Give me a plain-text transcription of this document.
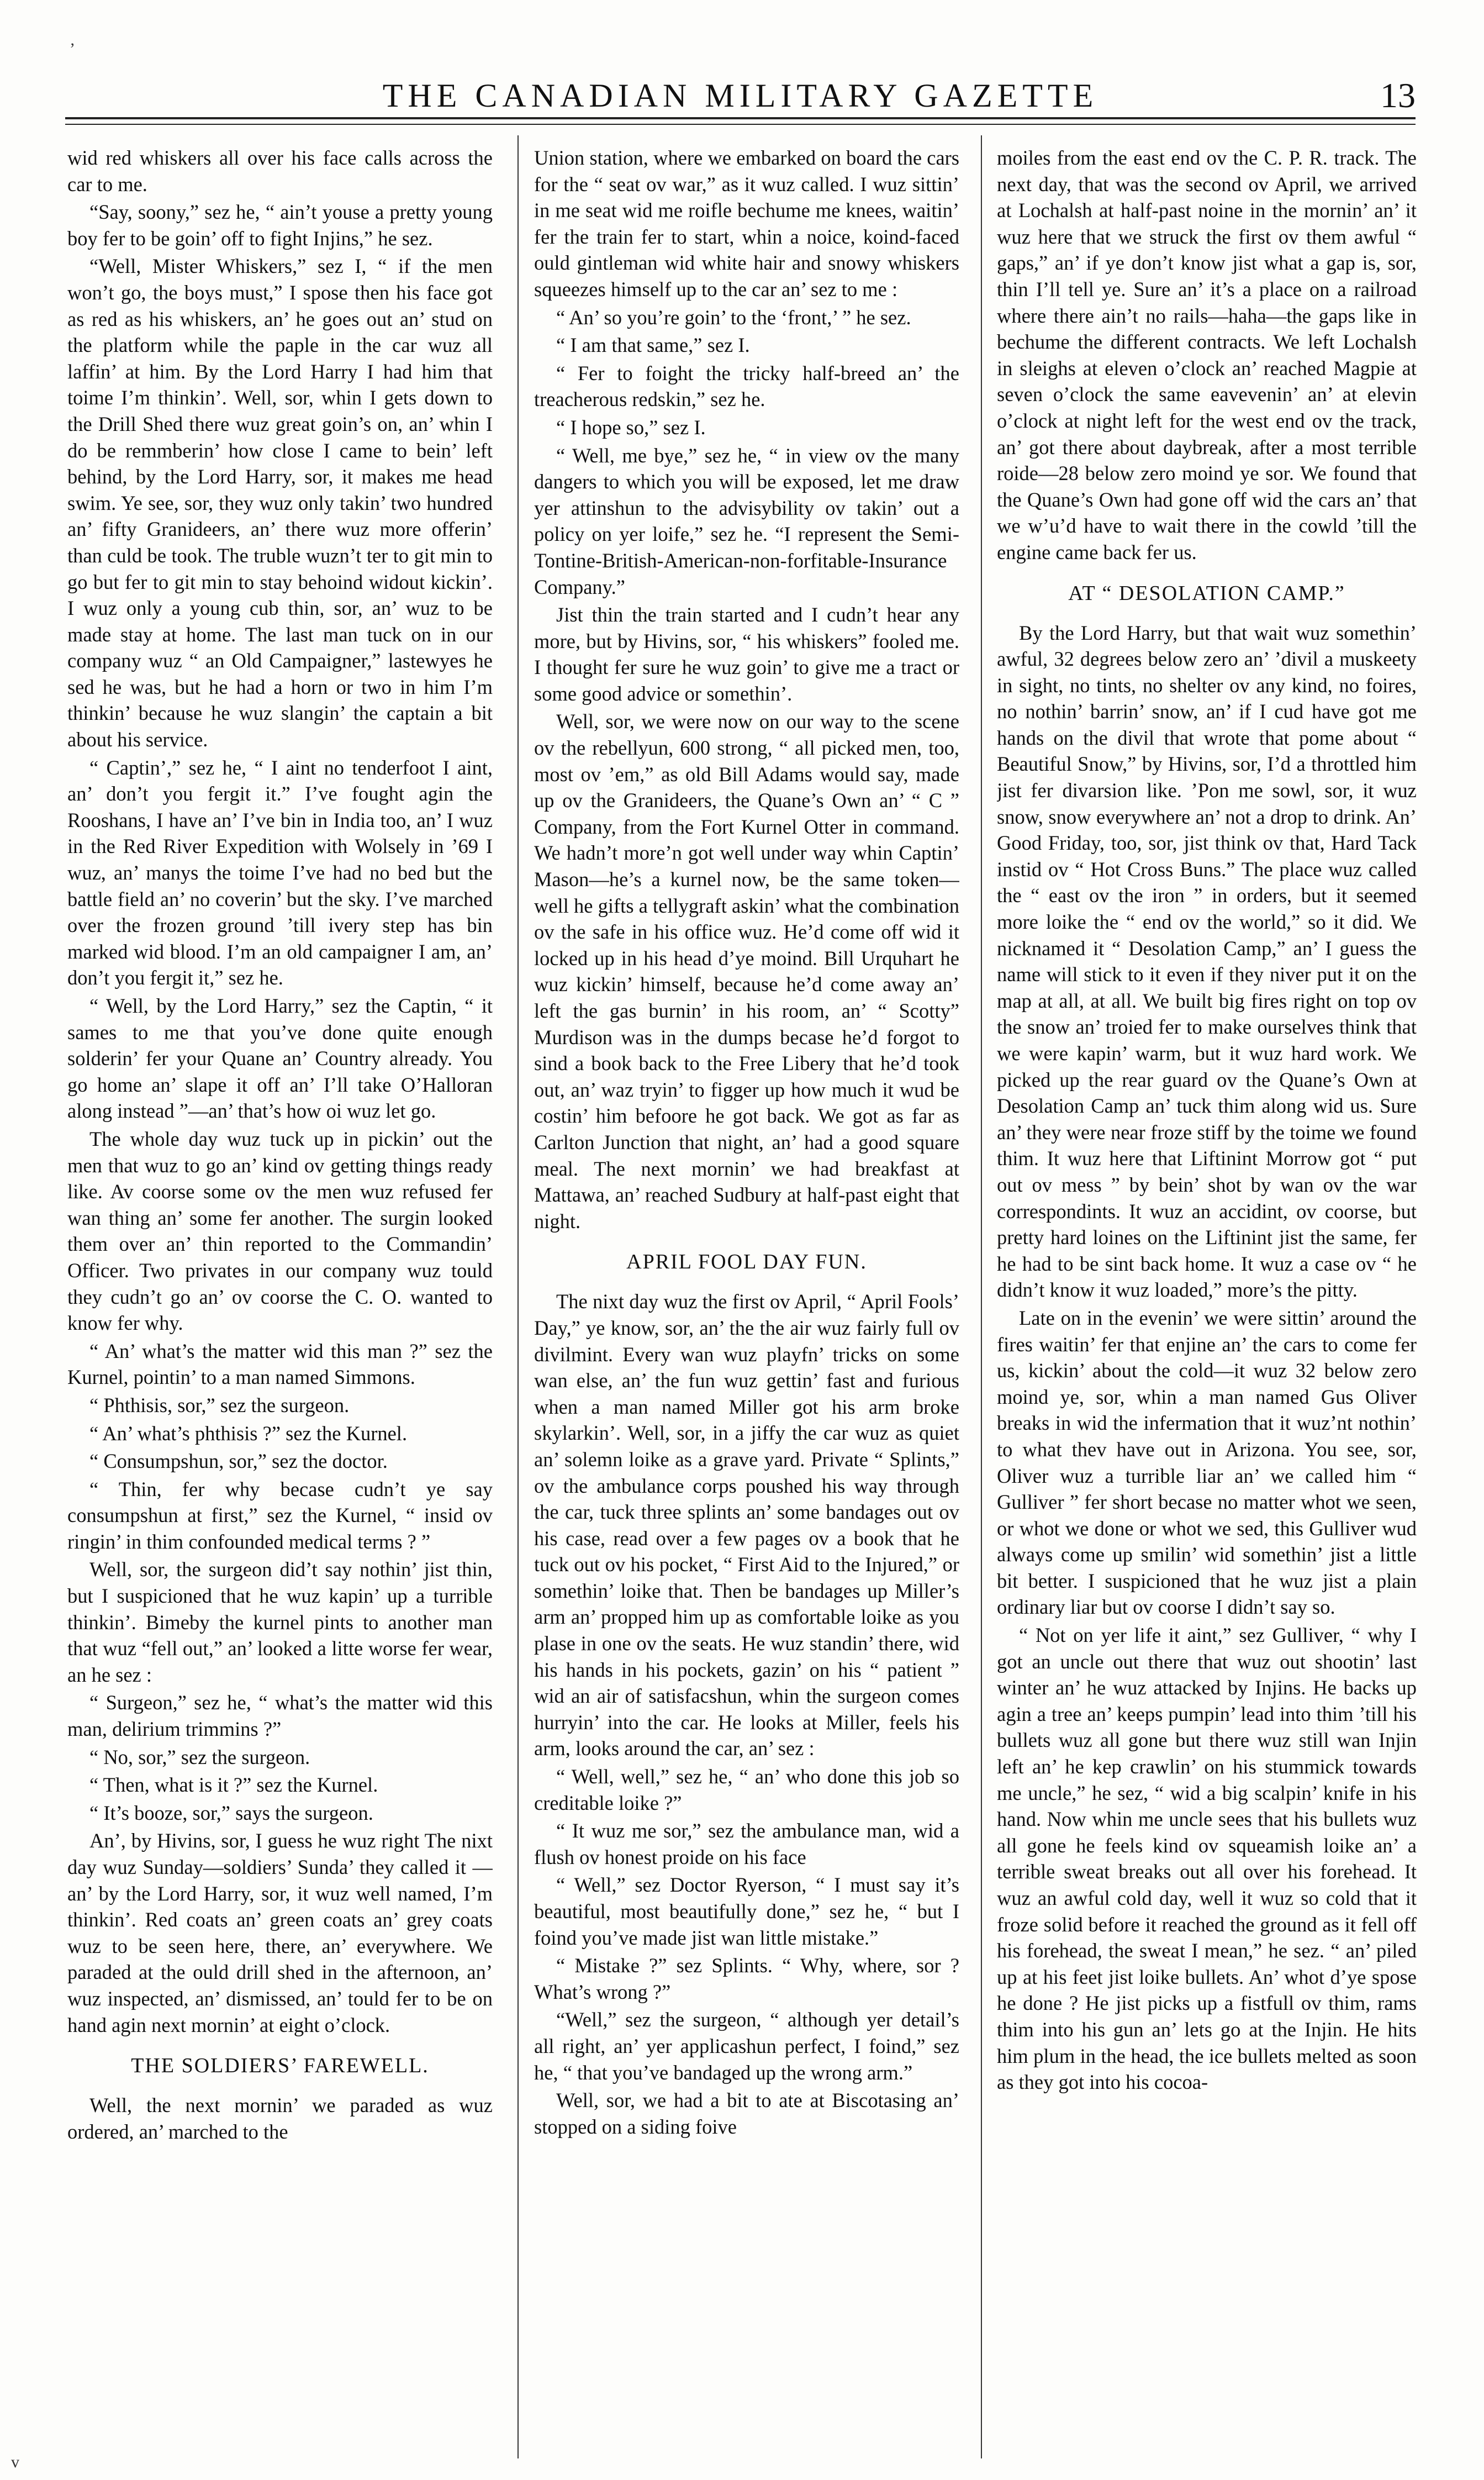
THE CANADIAN MILITARY GAZETTE	13

wid red whiskers all over his face calls across the car to me.

“Say, soony,” sez he, “ ain’t youse a pretty young boy fer to be goin’ off to fight Injins,” he sez.

“Well, Mister Whiskers,” sez I, “ if the men won’t go, the boys must,” I spose then his face got as red as his whiskers, an’ he goes out an’ stud on the platform while the paple in the car wuz all laffin’ at him. By the Lord Harry I had him that toime I’m thinkin’. Well, sor, whin I gets down to the Drill Shed there wuz great goin’s on, an’ whin I do be remmberin’ how close I came to bein’ left behind, by the Lord Harry, sor, it makes me head swim. Ye see, sor, they wuz only takin’ two hundred an’ fifty Granideers, an’ there wuz more offerin’ than culd be took. The truble wuzn’t ter to git min to go but fer to git min to stay behoind widout kickin’. I wuz only a young cub thin, sor, an’ wuz to be made stay at home. The last man tuck on in our company wuz “ an Old Campaigner,” lastewyes he sed he was, but he had a horn or two in him I’m thinkin’ because he wuz slangin’ the captain a bit about his service.

“ Captin’,” sez he, “ I aint no tenderfoot I aint, an’ don’t you fergit it.” I’ve fought agin the Rooshans, I have an’ I’ve bin in India too, an’ I wuz in the Red River Expedition with Wolsely in ’69 I wuz, an’ manys the toime I’ve had no bed but the battle field an’ no coverin’ but the sky. I’ve marched over the frozen ground ’till ivery step has bin marked wid blood. I’m an old campaigner I am, an’ don’t you fergit it,” sez he.

“ Well, by the Lord Harry,” sez the Captin, “ it sames to me that you’ve done quite enough solderin’ fer your Quane an’ Country already. You go home an’ slape it off an’ I’ll take O’Halloran along instead ”—an’ that’s how oi wuz let go.

The whole day wuz tuck up in pickin’ out the men that wuz to go an’ kind ov getting things ready like. Av coorse some ov the men wuz refused fer wan thing an’ some fer another. The surgin looked them over an’ thin reported to the Commandin’ Officer. Two privates in our company wuz tould they cudn’t go an’ ov coorse the C. O. wanted to know fer why.

“ An’ what’s the matter wid this man ?” sez the Kurnel, pointin’ to a man named Simmons.

“ Phthisis, sor,” sez the surgeon.

“ An’ what’s phthisis ?” sez the Kurnel.

“ Consumpshun, sor,” sez the doctor.

“ Thin, fer why becase cudn’t ye say consumpshun at first,” sez the Kurnel, “ insid ov ringin’ in thim confounded medical terms ? ”

Well, sor, the surgeon did’t say nothin’ jist thin, but I suspicioned that he wuz kapin’ up a turrible thinkin’. Bimeby the kurnel pints to another man that wuz “fell out,” an’ looked a litte worse fer wear, an he sez :

“ Surgeon,” sez he, “ what’s the matter wid this man, delirium trimmins ?”

“ No, sor,” sez the surgeon.

“ Then, what is it ?” sez the Kurnel.

“ It’s booze, sor,” says the surgeon.

An’, by Hivins, sor, I guess he wuz right The nixt day wuz Sunday—soldiers’ Sunda’ they called it —an’ by the Lord Harry, sor, it wuz well named, I’m thinkin’. Red coats an’ green coats an’ grey coats wuz to be seen here, there, an’ everywhere. We paraded at the ould drill shed in the afternoon, an’ wuz inspected, an’ dismissed, an’ tould fer to be on hand agin next mornin’ at eight o’clock.

THE SOLDIERS’ FAREWELL.

Well, the next mornin’ we paraded as wuz ordered, an’ marched to the

Union station, where we embarked on board the cars for the “ seat ov war,” as it wuz called. I wuz sittin’ in me seat wid me roifle bechume me knees, waitin’ fer the train fer to start, whin a noice, koind-faced ould gintleman wid white hair and snowy whiskers squeezes himself up to the car an’ sez to me :

“ An’ so you’re goin’ to the ‘front,’ ” he sez.

“ I am that same,” sez I.

“ Fer to foight the tricky half-breed an’ the treacherous redskin,” sez he.

“ I hope so,” sez I.

“ Well, me bye,” sez he, “ in view ov the many dangers to which you will be exposed, let me draw yer attinshun to the advisybility ov takin’ out a policy on yer loife,” sez he. “I represent the Semi-Tontine-British-American-non-forfitable-Insurance Company.”

Jist thin the train started and I cudn’t hear any more, but by Hivins, sor, “ his whiskers” fooled me. I thought fer sure he wuz goin’ to give me a tract or some good advice or somethin’.

Well, sor, we were now on our way to the scene ov the rebellyun, 600 strong, “ all picked men, too, most ov ’em,” as old Bill Adams would say, made up ov the Granideers, the Quane’s Own an’ “ C ” Company, from the Fort Kurnel Otter in command. We hadn’t more’n got well under way whin Captin’ Mason—he’s a kurnel now, be the same token—well he gifts a tellygraft askin’ what the combination ov the safe in his office wuz. He’d come off wid it locked up in his head d’ye moind. Bill Urquhart he wuz kickin’ himself, because he’d come away an’ left the gas burnin’ in his room, an’ “ Scotty” Murdison was in the dumps becase he’d forgot to sind a book back to the Free Libery that he’d took out, an’ waz tryin’ to figger up how much it wud be costin’ him befoore he got back. We got as far as Carlton Junction that night, an’ had a good square meal. The next mornin’ we had breakfast at Mattawa, an’ reached Sudbury at half-past eight that night.

APRIL FOOL DAY FUN.

The nixt day wuz the first ov April, “ April Fools’ Day,” ye know, sor, an’ the the air wuz fairly full ov divilmint. Every wan wuz playfn’ tricks on some wan else, an’ the fun wuz gettin’ fast and furious when a man named Miller got his arm broke skylarkin’. Well, sor, in a jiffy the car wuz as quiet an’ solemn loike as a grave yard. Private “ Splints,” ov the ambulance corps poushed his way through the car, tuck three splints an’ some bandages out ov his case, read over a few pages ov a book that he tuck out ov his pocket, “ First Aid to the Injured,” or somethin’ loike that. Then be bandages up Miller’s arm an’ propped him up as comfortable loike as you plase in one ov the seats. He wuz standin’ there, wid his hands in his pockets, gazin’ on his “ patient ” wid an air of satisfacshun, whin the surgeon comes hurryin’ into the car. He looks at Miller, feels his arm, looks around the car, an’ sez :

“ Well, well,” sez he, “ an’ who done this job so creditable loike ?”

“ It wuz me sor,” sez the ambulance man, wid a flush ov honest proide on his face

“ Well,” sez Doctor Ryerson, “ I must say it’s beautiful, most beautifully done,” sez he, “ but I foind you’ve made jist wan little mistake.”

“ Mistake ?” sez Splints. “ Why, where, sor ? What’s wrong ?”

“Well,” sez the surgeon, “ although yer detail’s all right, an’ yer applicashun perfect, I foind,” sez he, “ that you’ve bandaged up the wrong arm.”

Well, sor, we had a bit to ate at Biscotasing an’ stopped on a siding foive

moiles from the east end ov the C. P. R. track. The next day, that was the second ov April, we arrived at Lochalsh at half-past noine in the mornin’ an’ it wuz here that we struck the first ov them awful “ gaps,” an’ if ye don’t know jist what a gap is, sor, thin I’ll tell ye. Sure an’ it’s a place on a railroad where there ain’t no rails—haha—the gaps like in bechume the different contracts. We left Lochalsh in sleighs at eleven o’clock an’ reached Magpie at seven o’clock the same eavevenin’ an’ at elevin o’clock at night left for the west end ov the track, an’ got there about daybreak, after a most terrible roide—28 below zero moind ye sor. We found that the Quane’s Own had gone off wid the cars an’ that we w’u’d have to wait there in the cowld ’till the engine came back fer us.

AT “ DESOLATION CAMP.”

By the Lord Harry, but that wait wuz somethin’ awful, 32 degrees below zero an’ ’divil a muskeety in sight, no tints, no shelter ov any kind, no foires, no nothin’ barrin’ snow, an’ if I cud have got me hands on the divil that wrote that pome about “ Beautiful Snow,” by Hivins, sor, I’d a throttled him jist fer divarsion like. ’Pon me sowl, sor, it wuz snow, snow everywhere an’ not a drop to drink. An’ Good Friday, too, sor, jist think ov that, Hard Tack instid ov “ Hot Cross Buns.” The place wuz called the “ east ov the iron ” in orders, but it seemed more loike the “ end ov the world,” so it did. We nicknamed it “ Desolation Camp,” an’ I guess the name will stick to it even if they niver put it on the map at all, at all. We built big fires right on top ov the snow an’ troied fer to make ourselves think that we were kapin’ warm, but it wuz hard work. We picked up the rear guard ov the Quane’s Own at Desolation Camp an’ tuck thim along wid us. Sure an’ they were near froze stiff by the toime we found thim. It wuz here that Liftinint Morrow got “ put out ov mess ” by bein’ shot by wan ov the war correspondints. It wuz an accidint, ov coorse, but pretty hard loines on the Liftinint jist the same, fer he had to be sint back home. It wuz a case ov “ he didn’t know it wuz loaded,” more’s the pitty.

Late on in the evenin’ we were sittin’ around the fires waitin’ fer that enjine an’ the cars to come fer us, kickin’ about the cold—it wuz 32 below zero moind ye, sor, whin a man named Gus Oliver breaks in wid the infermation that it wuz’nt nothin’ to what thev have out in Arizona. You see, sor, Oliver wuz a turrible liar an’ we called him “ Gulliver ” fer short becase no matter whot we seen, or whot we done or whot we sed, this Gulliver wud always come up smilin’ wid somethin’ jist a little bit better. I suspicioned that he wuz jist a plain ordinary liar but ov coorse I didn’t say so.

“ Not on yer life it aint,” sez Gulliver, “ why I got an uncle out there that wuz out shootin’ last winter an’ he wuz attacked by Injins. He backs up agin a tree an’ keeps pumpin’ lead into thim ’till his bullets wuz all gone but there wuz still wan Injin left an’ he kep crawlin’ on his stummick towards me uncle,” he sez, “ wid a big scalpin’ knife in his hand. Now whin me uncle sees that his bullets wuz all gone he feels kind ov squeamish loike an’ a terrible sweat breaks out all over his forehead. It wuz an awful cold day, well it wuz so cold that it froze solid before it reached the ground as it fell off his forehead, the sweat I mean,” he sez. “ an’ piled up at his feet jist loike bullets. An’ whot d’ye spose he done ? He jist picks up a fistfull ov thim, rams thim into his gun an’ lets go at the Injin. He hits him plum in the head, the ice bullets melted as soon as they got into his cocoa-

’
v
